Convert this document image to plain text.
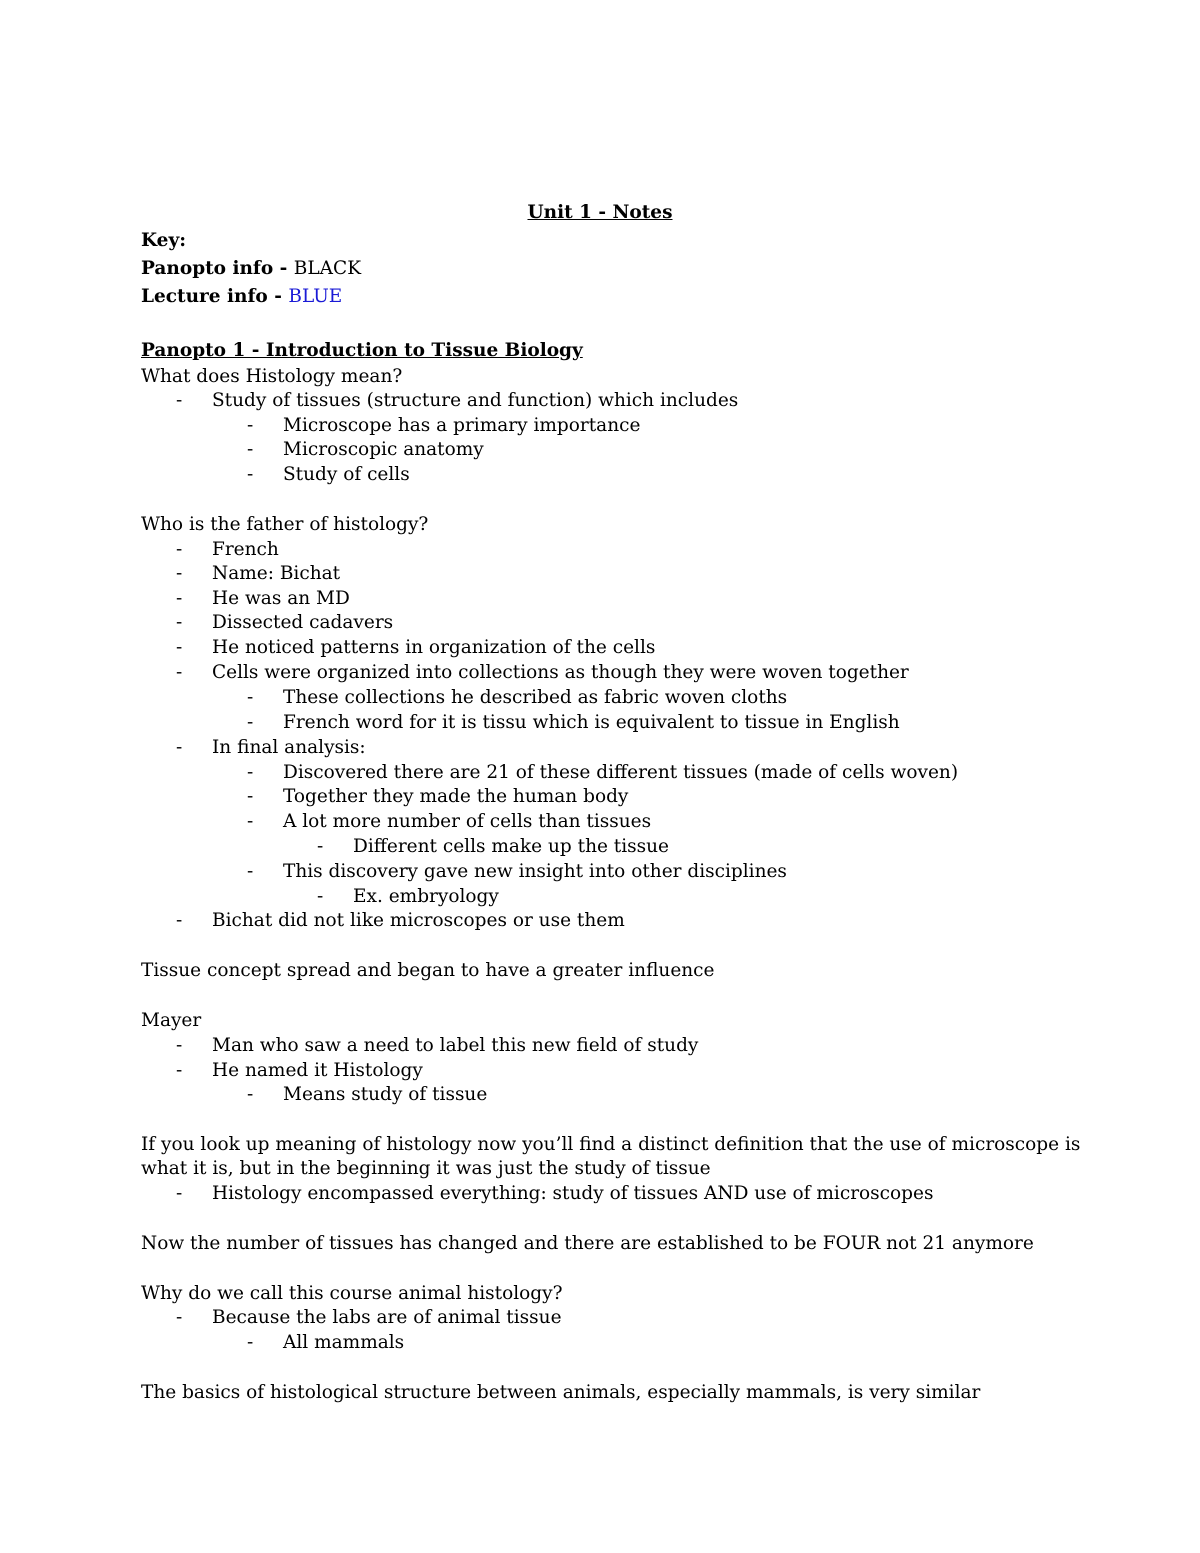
Unit 1 - Notes
Key:
Panopto info - BLACK
Lecture info - BLUE
Panopto 1 - Introduction to Tissue Biology
What does Histology mean?
- Study of tissues (structure and function) which includes
- Microscope has a primary importance
- Microscopic anatomy
- Study of cells
Who is the father of histology?
- French
- Name: Bichat
- He was an MD
- Dissected cadavers
- He noticed patterns in organization of the cells
- Cells were organized into collections as though they were woven together
- These collections he described as fabric woven cloths
- French word for it is tissu which is equivalent to tissue in English
- In final analysis:
- Discovered there are 21 of these different tissues (made of cells woven)
- Together they made the human body
- A lot more number of cells than tissues
- Different cells make up the tissue
- This discovery gave new insight into other disciplines
- Ex. embryology
- Bichat did not like microscopes or use them
Tissue concept spread and began to have a greater influence
Mayer
- Man who saw a need to label this new field of study
- He named it Histology
- Means study of tissue
If you look up meaning of histology now you’ll find a distinct definition that the use of microscope is
what it is, but in the beginning it was just the study of tissue
- Histology encompassed everything: study of tissues AND use of microscopes
Now the number of tissues has changed and there are established to be FOUR not 21 anymore
Why do we call this course animal histology?
- Because the labs are of animal tissue
- All mammals
The basics of histological structure between animals, especially mammals, is very similar
